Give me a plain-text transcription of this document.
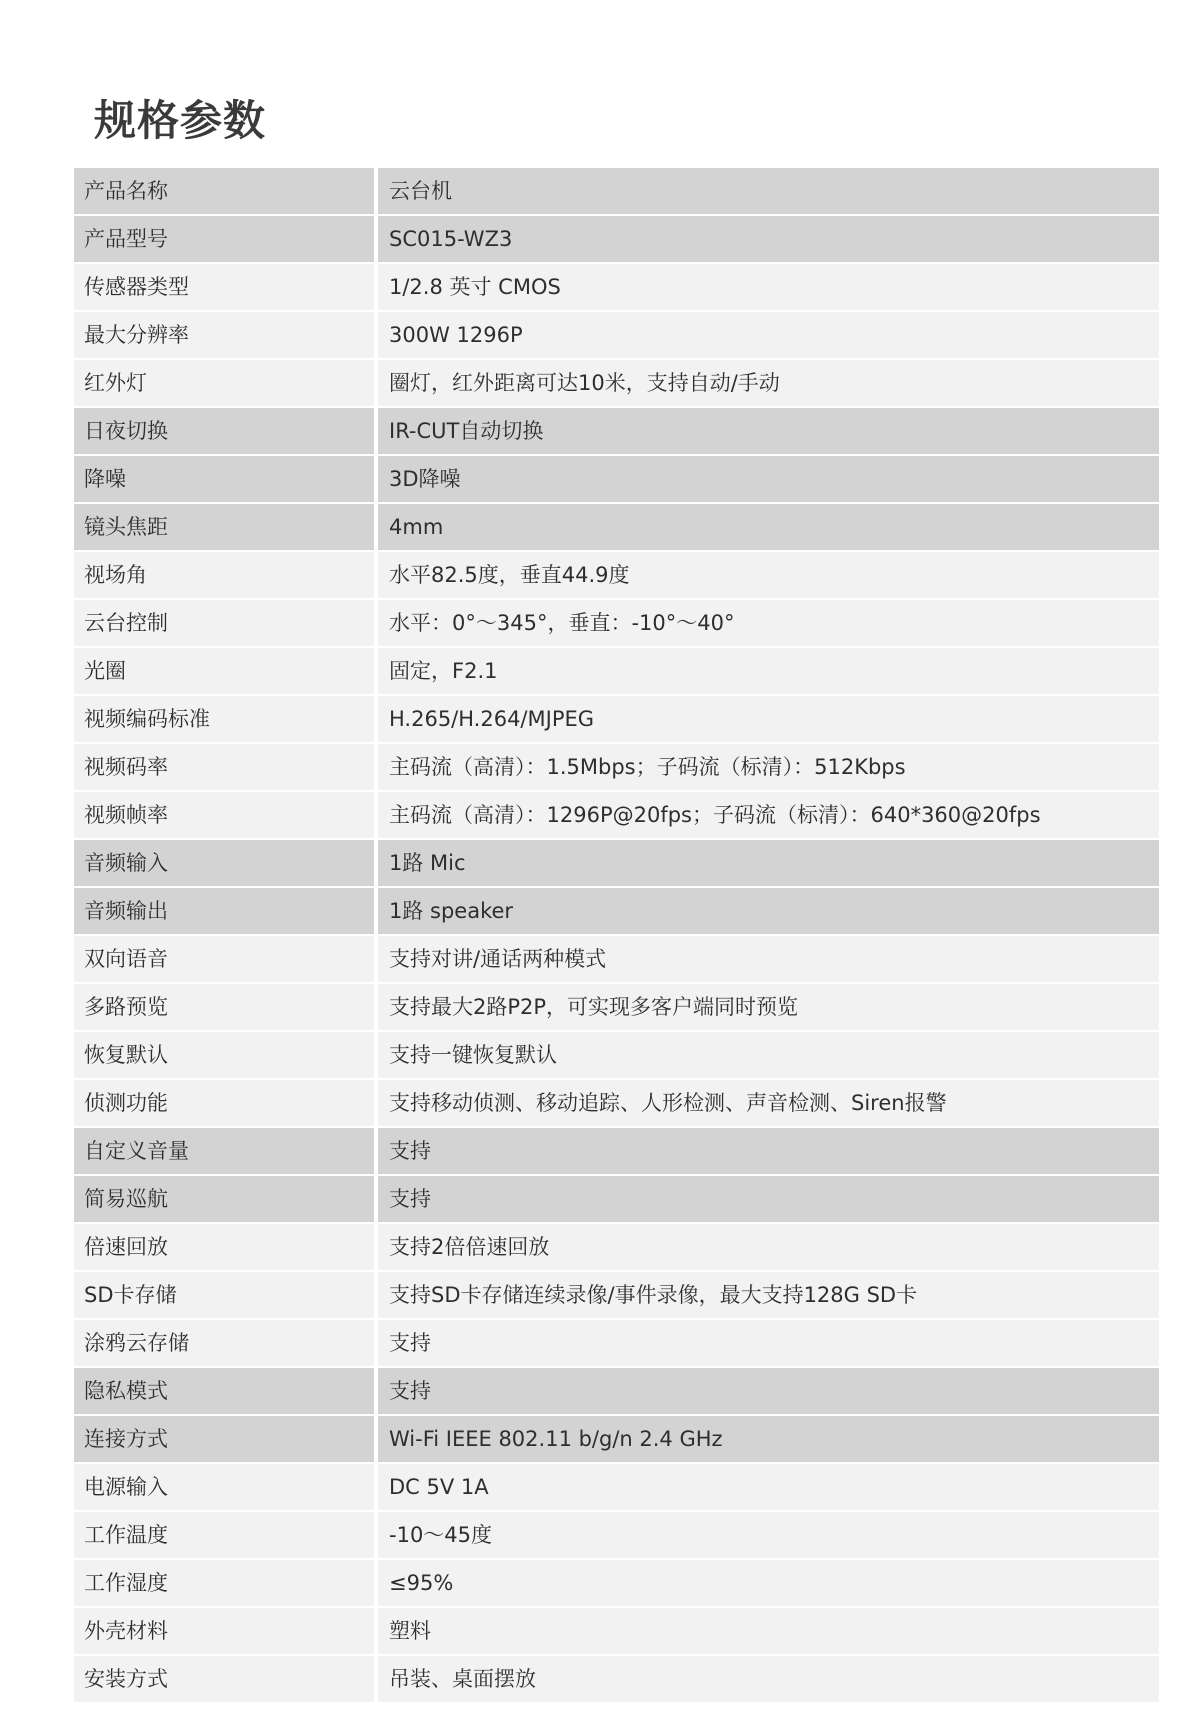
规格参数
产品名称	云台机
产品型号	SC015-WZ3
传感器类型	1/2.8 英寸 CMOS
最大分辨率	300W 1296P
红外灯	圈灯，红外距离可达10米，支持自动/手动
日夜切换	IR-CUT自动切换
降噪	3D降噪
镜头焦距	4mm
视场角	水平82.5度，垂直44.9度
云台控制	水平：0°～345°，垂直：-10°～40°
光圈	固定，F2.1
视频编码标准	H.265/H.264/MJPEG
视频码率	主码流（高清）：1.5Mbps；子码流（标清）：512Kbps
视频帧率	主码流（高清）：1296P@20fps；子码流（标清）：640*360@20fps
音频输入	1路 Mic
音频输出	1路 speaker
双向语音	支持对讲/通话两种模式
多路预览	支持最大2路P2P，可实现多客户端同时预览
恢复默认	支持一键恢复默认
侦测功能	支持移动侦测、移动追踪、人形检测、声音检测、Siren报警
自定义音量	支持
简易巡航	支持
倍速回放	支持2倍倍速回放
SD卡存储	支持SD卡存储连续录像/事件录像，最大支持128G SD卡
涂鸦云存储	支持
隐私模式	支持
连接方式	Wi-Fi IEEE 802.11 b/g/n 2.4 GHz
电源输入	DC 5V 1A
工作温度	-10～45度
工作湿度	≤95%
外壳材料	塑料
安装方式	吊装、桌面摆放
